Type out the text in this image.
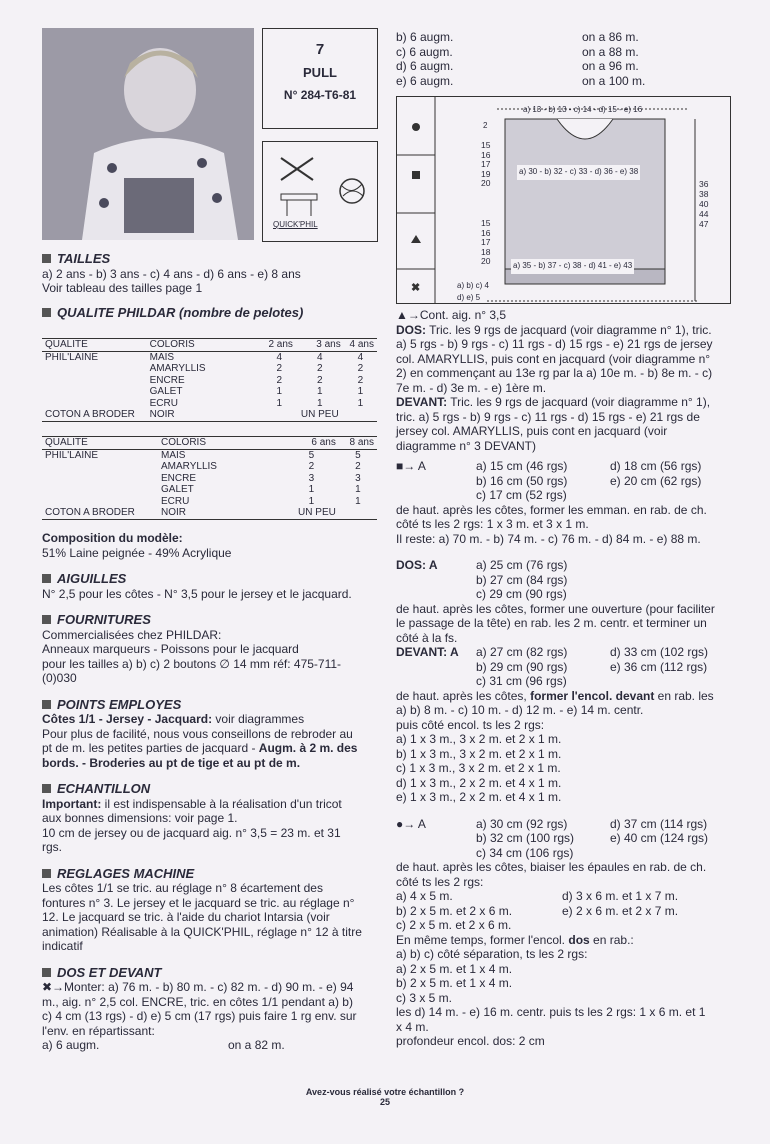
7
PULL
N° 284-T6-81
QUICK'PHIL
TAILLES

a) 2 ans - b) 3 ans - c) 4 ans - d) 6 ans - e) 8 ans

Voir tableau des tailles page 1

QUALITE PHILDAR (nombre de pelotes)
QUALITE	COLORIS	2 ans	3 ans	4 ans
PHIL'LAINE	MAIS	4	4	4
	AMARYLLIS	2	2	2
	ENCRE	2	2	2
	GALET	1	1	1
	ECRU	1	1	1
COTON A BRODER	NOIR		UN PEU	
QUALITE	COLORIS	6 ans	8 ans
PHIL'LAINE	MAIS	5	5
	AMARYLLIS	2	2
	ENCRE	3	3
	GALET	1	1
	ECRU	1	1
COTON A BRODER	NOIR	UN PEU	

Composition du modèle:

51% Laine peignée - 49% Acrylique

AIGUILLES

N° 2,5 pour les côtes - N° 3,5 pour le jersey et le jacquard.

FOURNITURES

Commercialisées chez PHILDAR:

Anneaux marqueurs - Poissons pour le jacquard

pour les tailles a) b) c) 2 boutons ∅ 14 mm réf: 475-711-

(0)030

POINTS EMPLOYES

Côtes 1/1 - Jersey - Jacquard: voir diagrammes

Pour plus de facilité, nous vous conseillons de rebroder au

pt de m. les petites parties de jacquard - Augm. à 2 m. des

bords. - Broderies au pt de tige et au pt de m.

ECHANTILLON

Important: il est indispensable à la réalisation d'un tricot

aux bonnes dimensions: voir page 1.

10 cm de jersey ou de jacquard aig. n° 3,5 = 23 m. et 31

rgs.

REGLAGES MACHINE

Les côtes 1/1 se tric. au réglage n° 8 écartement des

fontures n° 3. Le jersey et le jacquard se tric. au réglage n°

12. Le jacquard se tric. à l'aide du chariot Intarsia (voir

animation) Réalisable à la QUICK'PHIL, réglage n° 12 à titre

indicatif

DOS ET DEVANT

✖→Monter: a) 76 m. - b) 80 m. - c) 82 m. - d) 90 m. - e) 94

m., aig. n° 2,5 col. ENCRE, tric. en côtes 1/1 pendant a) b)

c) 4 cm (13 rgs) - d) e) 5 cm (17 rgs) puis faire 1 rg env. sur

l'env. en répartissant:

a) 6 augm.	on a 82 m.

b) 6 augm.	on a 86 m.

c) 6 augm.	on a 88 m.

d) 6 augm.	on a 96 m.

e) 6 augm.	on a 100 m.

✖
a) 13 - b) 13 - c) 14 - d) 15 - e) 16
2
a) 30 - b) 32 - c) 33 - d) 36 - e) 38
a) 35 - b) 37 - c) 38 - d) 41 - e) 43
15
16
17
19
20
15
16
17
18
20
36
38
40
44
47
a) b) c) 4
d) e) 5

▲→Cont. aig. n° 3,5

DOS: Tric. les 9 rgs de jacquard (voir diagramme n° 1), tric.

a) 5 rgs - b) 9 rgs - c) 11 rgs - d) 15 rgs - e) 21 rgs de jersey

col. AMARYLLIS, puis cont en jacquard (voir diagramme n°

2) en commençant au 13e rg par la a) 10e m. - b) 8e m. - c)

7e m. - d) 3e m. - e) 1ère m.

DEVANT: Tric. les 9 rgs de jacquard (voir diagramme n° 1),

tric. a) 5 rgs - b) 9 rgs - c) 11 rgs - d) 15 rgs - e) 21 rgs de

jersey col. AMARYLLIS, puis cont en jacquard (voir

diagramme n° 3 DEVANT)

■→ A	a) 15 cm (46 rgs)

b) 16 cm (50 rgs)

c) 17 cm (52 rgs)

d) 18 cm (56 rgs)

e) 20 cm (62 rgs)

de haut. après les côtes, former les emman. en rab. de ch.

côté ts les 2 rgs: 1 x 3 m. et 3 x 1 m.

Il reste: a) 70 m. - b) 74 m. - c) 76 m. - d) 84 m. - e) 88 m.

DOS: A	a) 25 cm (76 rgs)

b) 27 cm (84 rgs)

c) 29 cm (90 rgs)

de haut. après les côtes, former une ouverture (pour faciliter

le passage de la tête) en rab. les 2 m. centr. et terminer un

côté à la fs.

DEVANT: A	a) 27 cm (82 rgs)

b) 29 cm (90 rgs)

c) 31 cm (96 rgs)

d) 33 cm (102 rgs)

e) 36 cm (112 rgs)

de haut. après les côtes, former l'encol. devant en rab. les

a) b) 8 m. - c) 10 m. - d) 12 m. - e) 14 m. centr.

puis côté encol. ts les 2 rgs:

a) 1 x 3 m., 3 x 2 m. et 2 x 1 m.

b) 1 x 3 m., 3 x 2 m. et 2 x 1 m.

c) 1 x 3 m., 3 x 2 m. et 2 x 1 m.

d) 1 x 3 m., 2 x 2 m. et 4 x 1 m.

e) 1 x 3 m., 2 x 2 m. et 4 x 1 m.

●→ A	a) 30 cm (92 rgs)

b) 32 cm (100 rgs)

c) 34 cm (106 rgs)

d) 37 cm (114 rgs)

e) 40 cm (124 rgs)

de haut. après les côtes, biaiser les épaules en rab. de ch.

côté ts les 2 rgs:

a) 4 x 5 m.

b) 2 x 5 m. et 2 x 6 m.

c) 2 x 5 m. et 2 x 6 m.

d) 3 x 6 m. et 1 x 7 m.

e) 2 x 6 m. et 2 x 7 m.

En même temps, former l'encol. dos en rab.:

a) b) c) côté séparation, ts les 2 rgs:

a) 2 x 5 m. et 1 x 4 m.

b) 2 x 5 m. et 1 x 4 m.

c) 3 x 5 m.

les d) 14 m. - e) 16 m. centr. puis ts les 2 rgs: 1 x 6 m. et 1

x 4 m.

profondeur encol. dos: 2 cm

Avez-vous réalisé votre échantillon ?
25
